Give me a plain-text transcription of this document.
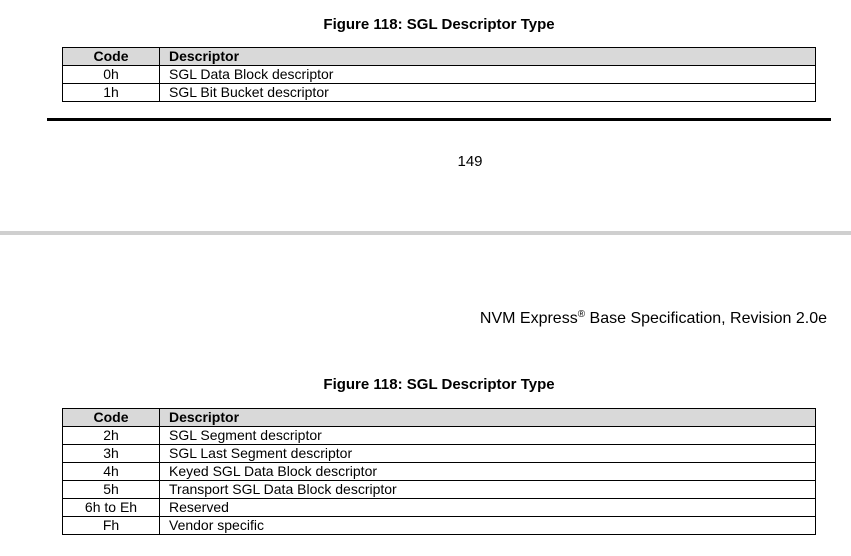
Figure 118: SGL Descriptor Type
Code	Descriptor
0h	SGL Data Block descriptor
1h	SGL Bit Bucket descriptor
149
NVM Express® Base Specification, Revision 2.0e
Figure 118: SGL Descriptor Type
Code	Descriptor
2h	SGL Segment descriptor
3h	SGL Last Segment descriptor
4h	Keyed SGL Data Block descriptor
5h	Transport SGL Data Block descriptor
6h to Eh	Reserved
Fh	Vendor specific
